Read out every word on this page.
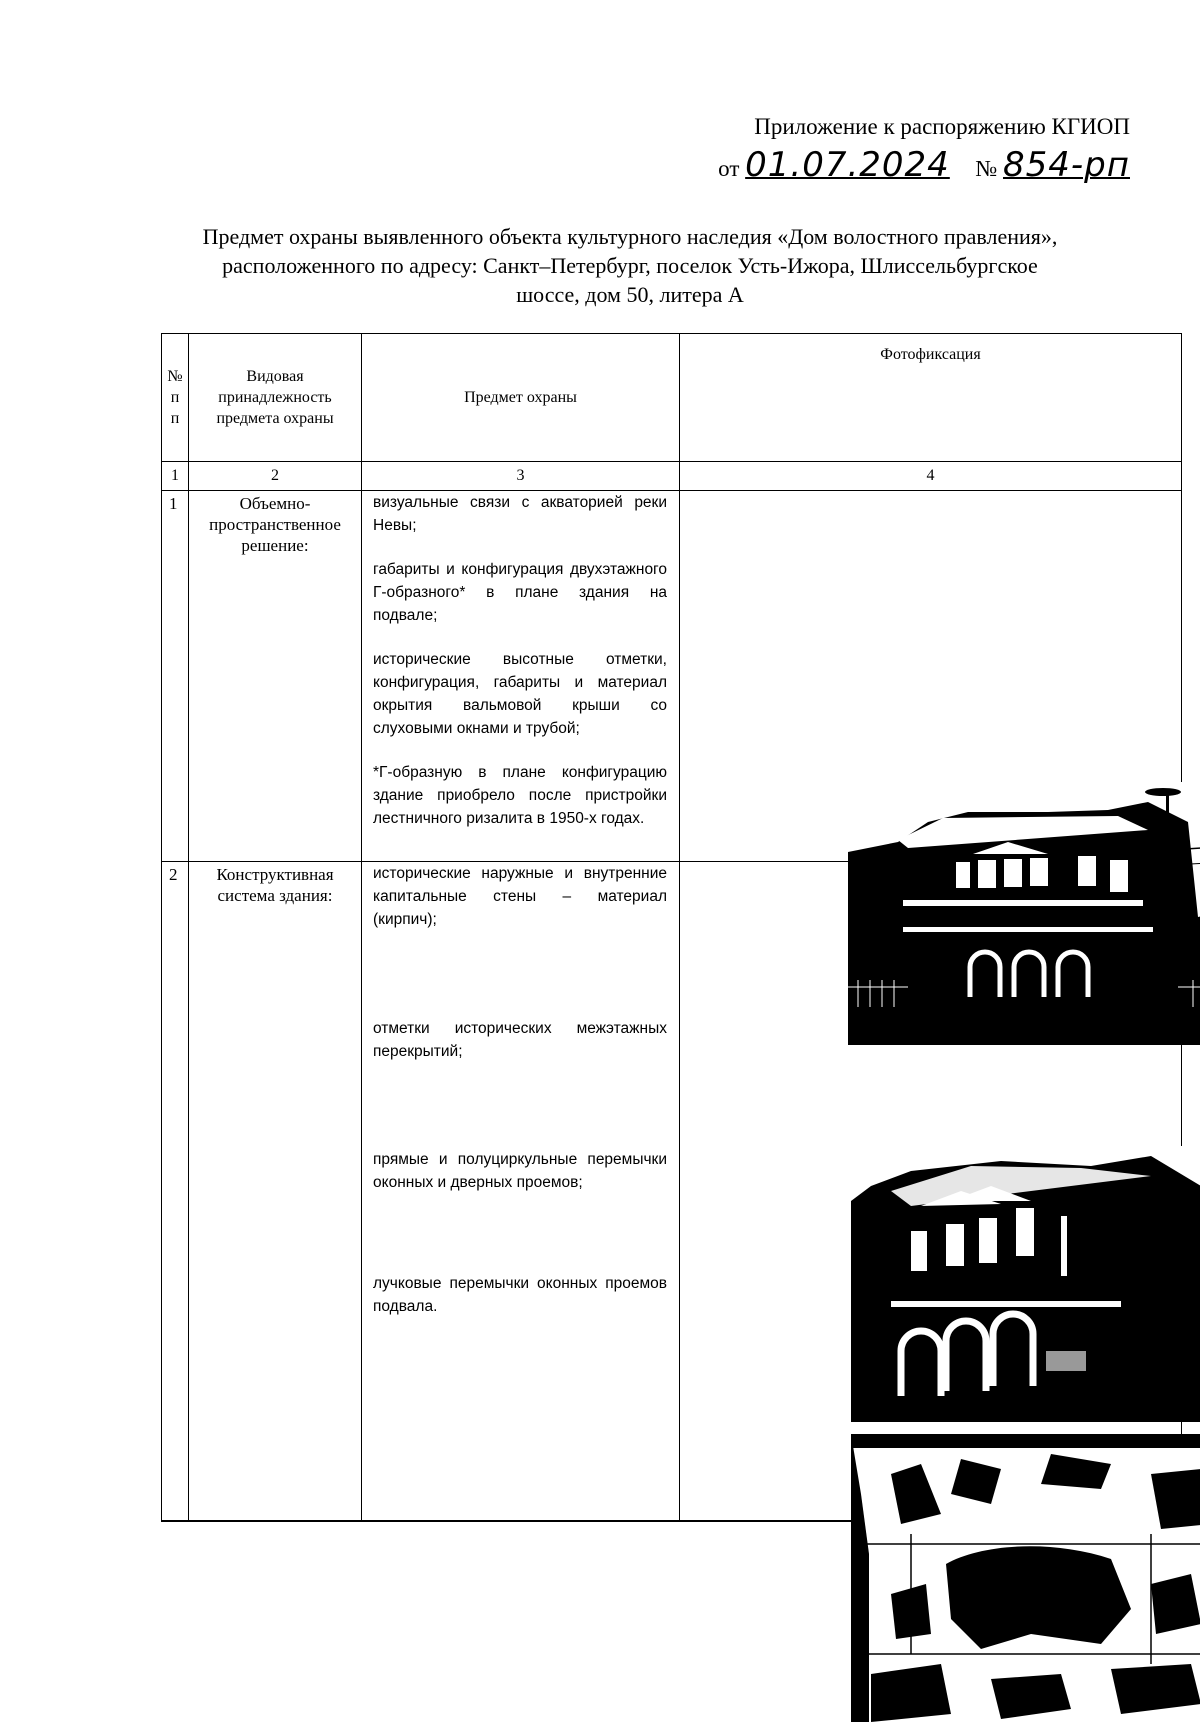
Приложение к распоряжению КГИОП
от 01.07.2024 № 854-рп
Предмет охраны выявленного объекта культурного наследия «Дом волостного правления», расположенного по адресу: Санкт–Петербург, поселок Усть-Ижора, Шлиссельбургское шоссе, дом 50, литера А
№ п п	Видовая принадлежность предмета охраны	Предмет охраны	Фотофиксация
1	2	3	4

1	Объемно-пространственное решение:	визуальные связи с акваторией реки Невы;

габариты и конфигурация двухэтажного Г-образного* в плане здания на подвале;

исторические высотные отметки, конфигурация, габариты и материал окрытия вальмовой крыши со слуховыми окнами и трубой;

*Г-образную в плане конфигурацию здание приобрело после пристройки лестничного ризалита в 1950-х годах.

2	Конструктивная система здания:	исторические наружные и внутренние капитальные стены – материал (кирпич);

отметки исторических межэтажных перекрытий;

прямые и полуциркульные перемычки оконных и дверных проемов;

лучковые перемычки оконных проемов подвала.
